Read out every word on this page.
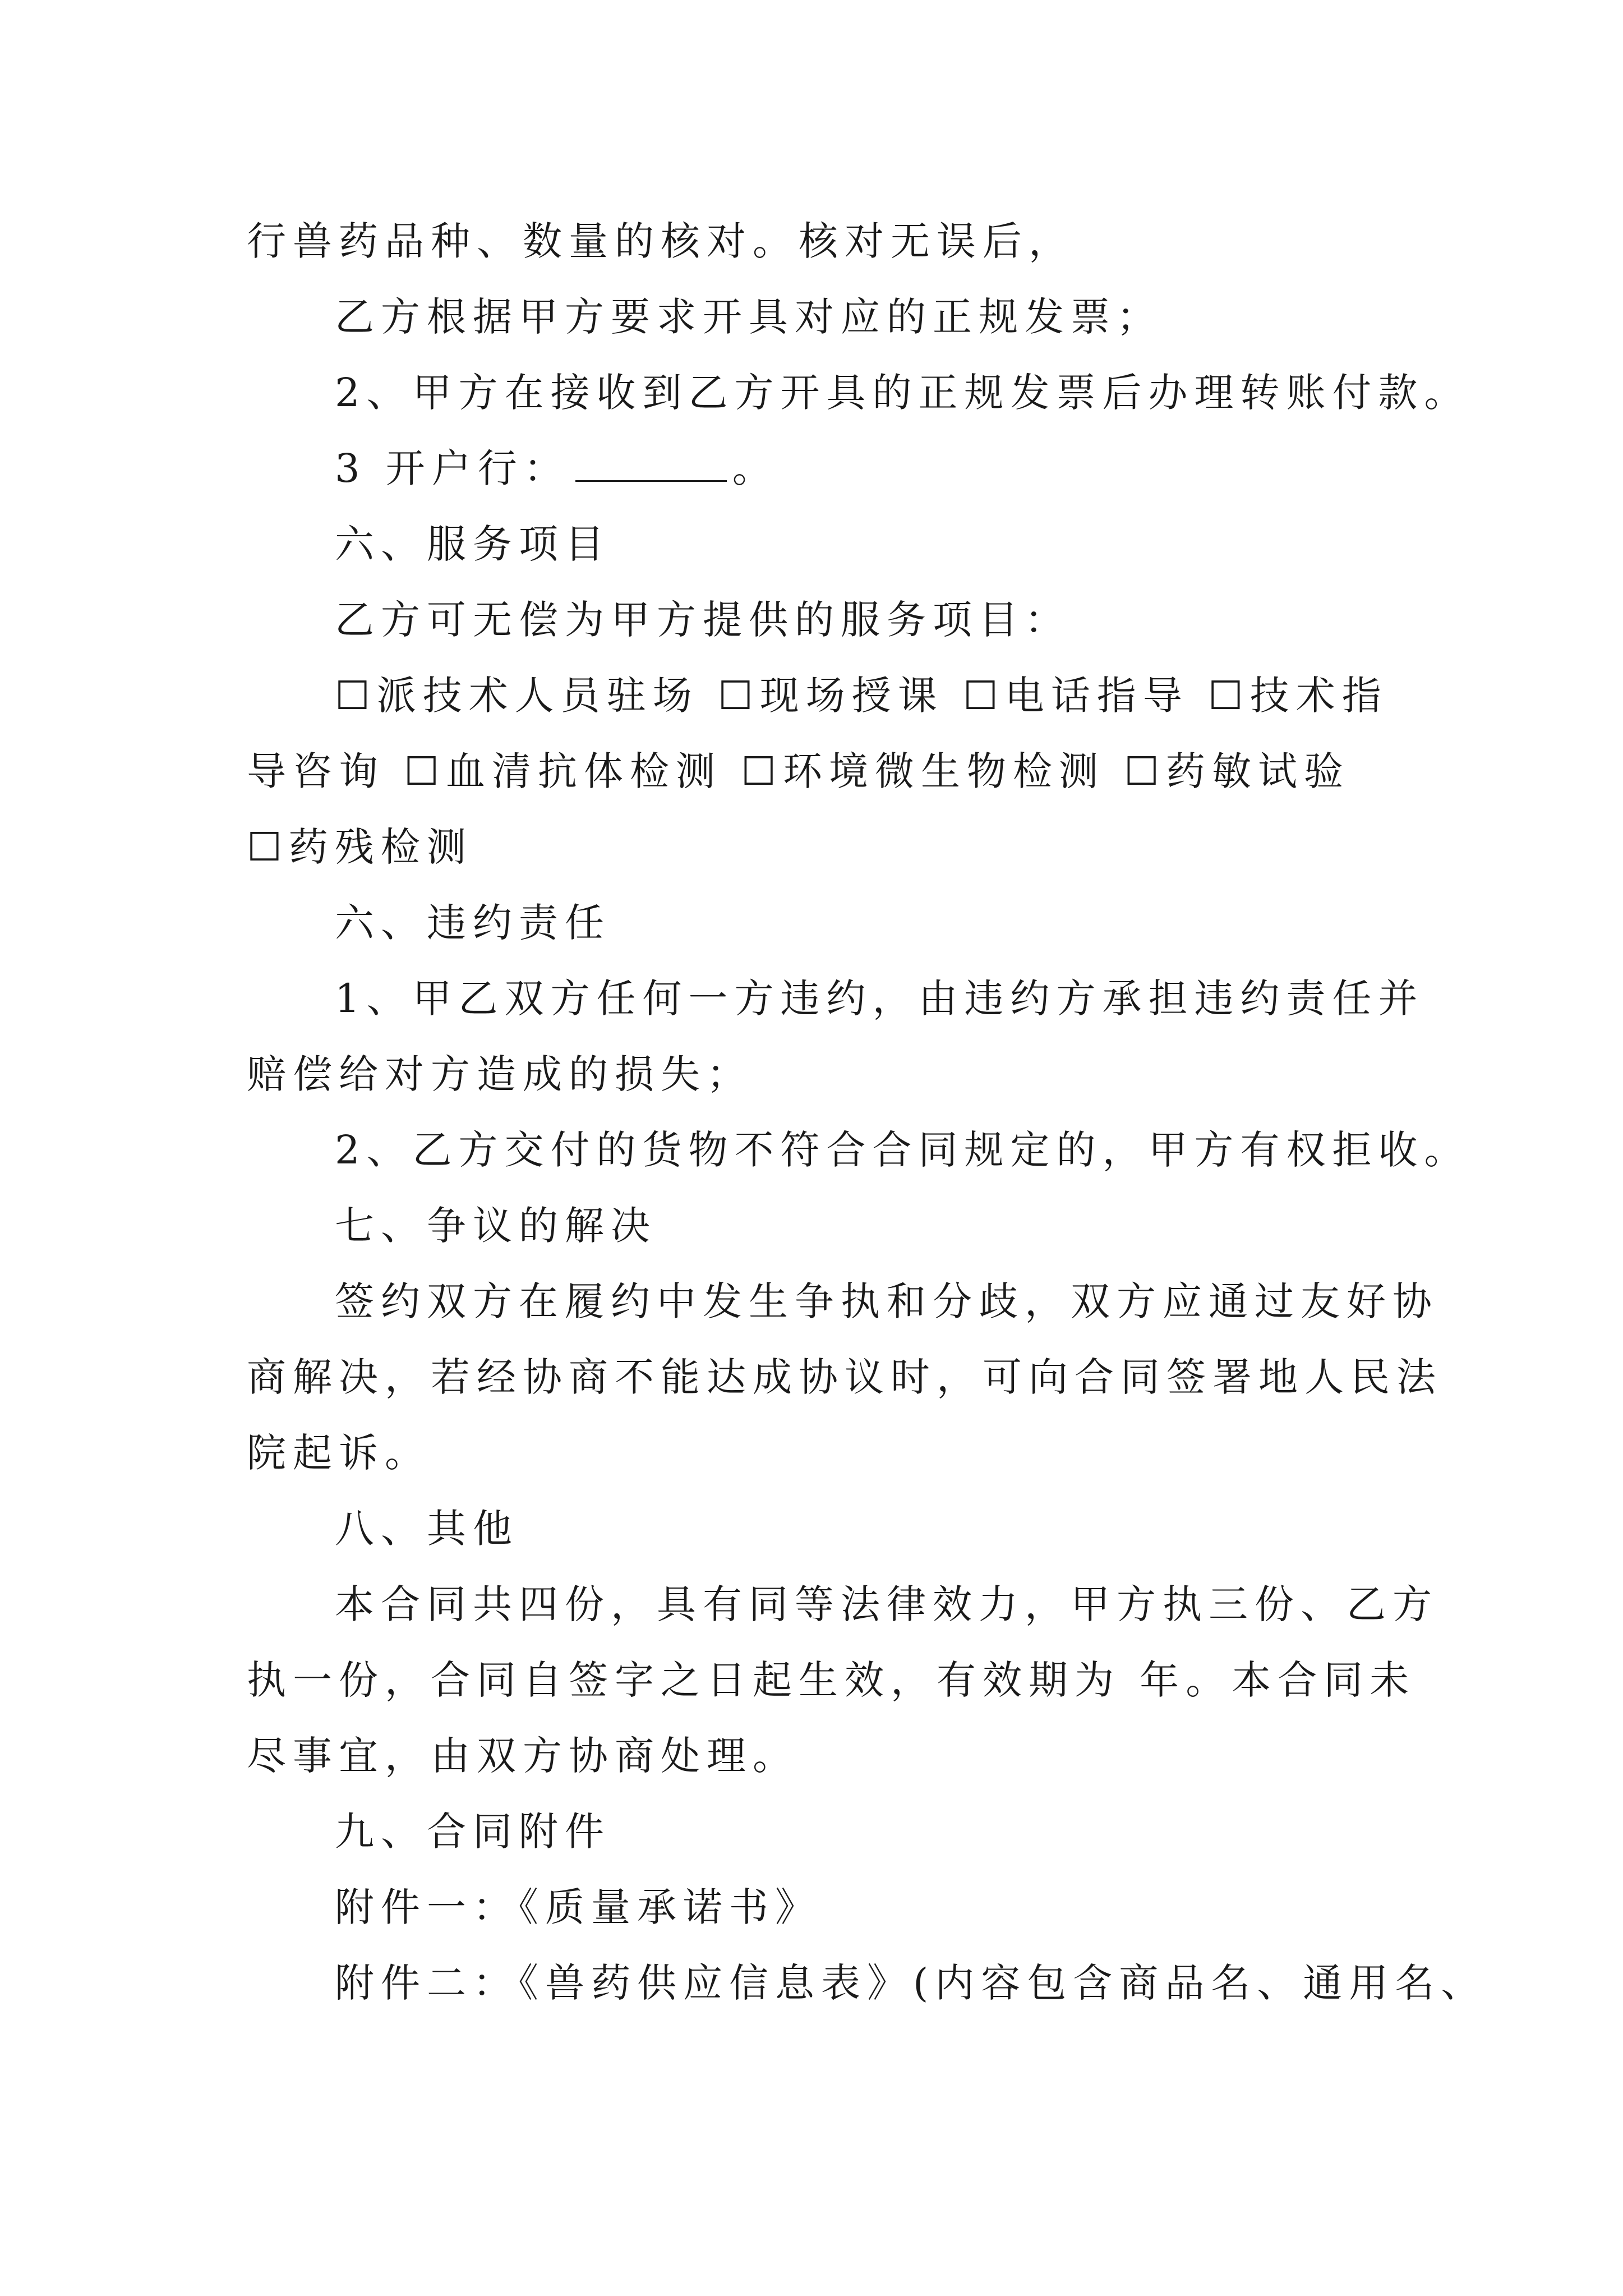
行兽药品种、数量的核对。核对无误后，
乙方根据甲方要求开具对应的正规发票；
2、甲方在接收到乙方开具的正规发票后办理转账付款。
3 开户行：	。
六、服务项目
乙方可无偿为甲方提供的服务项目：
☐派技术人员驻场 ☐现场授课 ☐电话指导 ☐技术指
导咨询 ☐血清抗体检测 ☐环境微生物检测 ☐药敏试验
☐药残检测
六、违约责任
1、甲乙双方任何一方违约，由违约方承担违约责任并
赔偿给对方造成的损失；
2、乙方交付的货物不符合合同规定的，甲方有权拒收。
七、争议的解决
签约双方在履约中发生争执和分歧，双方应通过友好协
商解决，若经协商不能达成协议时，可向合同签署地人民法
院起诉。
八、其他
本合同共四份，具有同等法律效力，甲方执三份、乙方
执一份，合同自签字之日起生效，有效期为 年。本合同未
尽事宜，由双方协商处理。
九、合同附件
附件一：《质量承诺书》
附件二：《兽药供应信息表》(内容包含商品名、通用名、
